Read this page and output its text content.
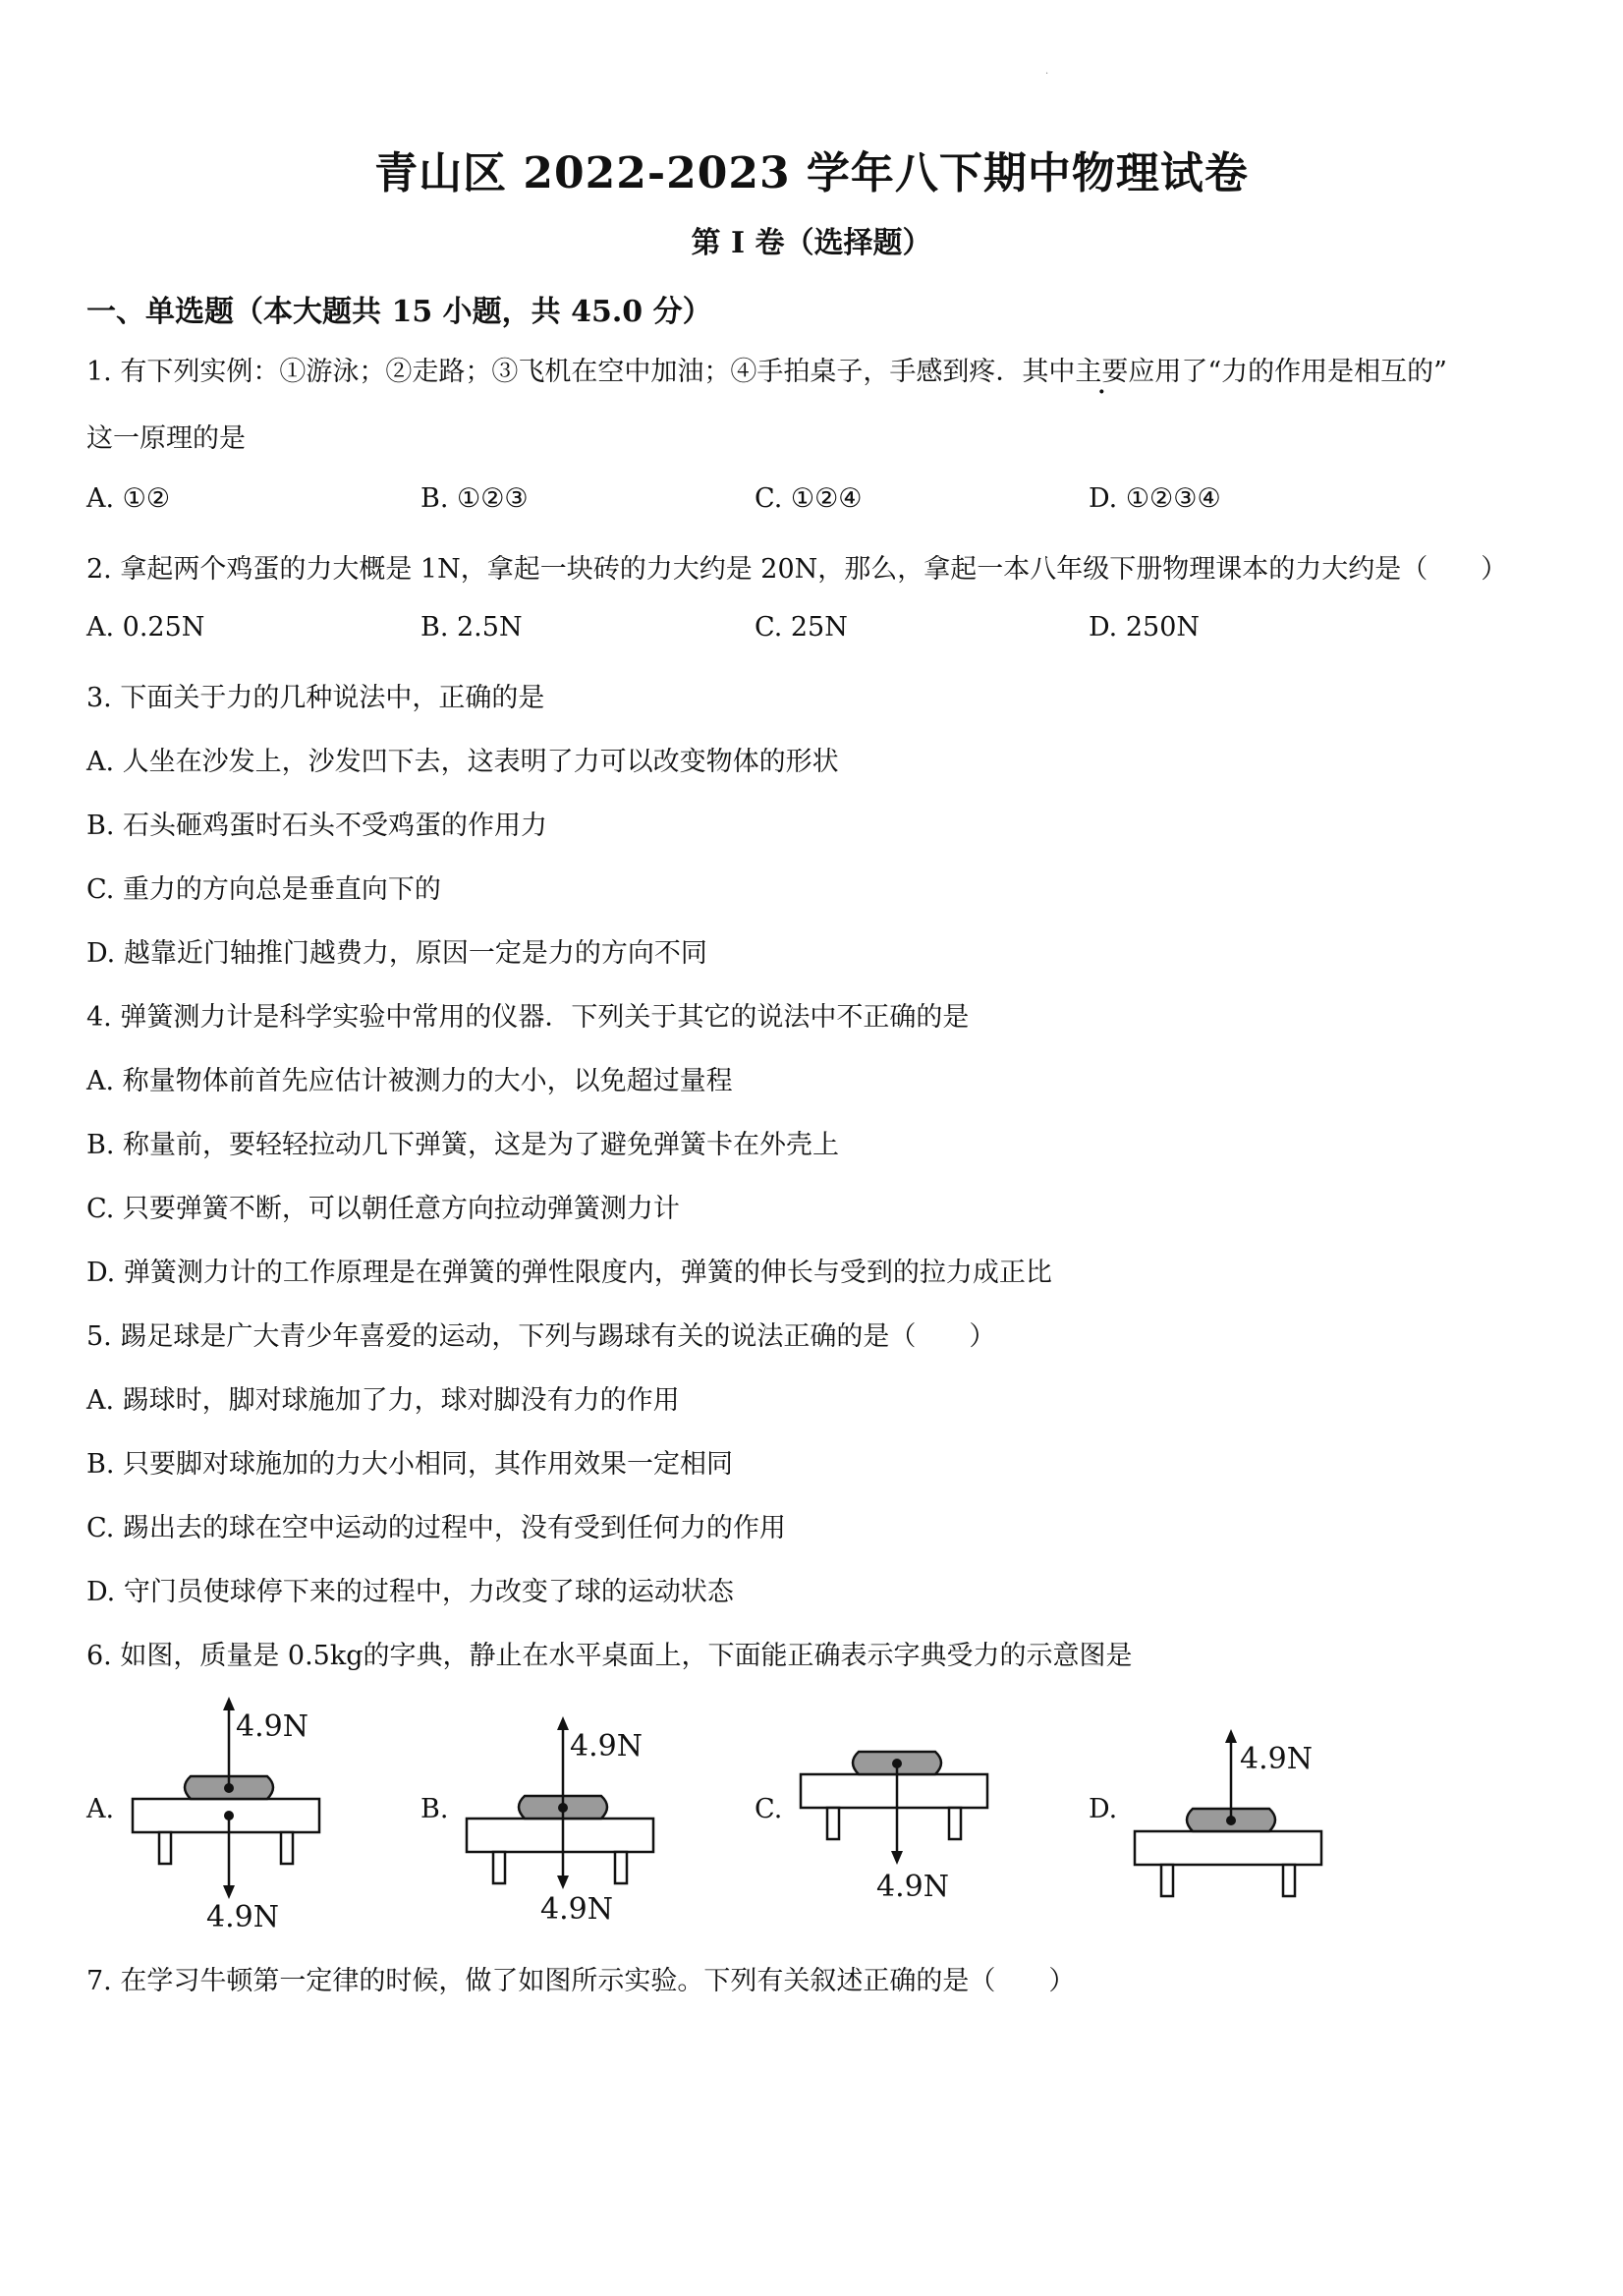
·
青山区 2022-2023 学年八下期中物理试卷
第 I 卷（选择题）
一、单选题（本大题共 15 小题，共 45.0 分）
1. 有下列实例：①游泳；②走路；③飞机在空中加油；④手拍桌子，手感到疼．其中主要应用了“力的作用是相互的”
这一原理的是
A. ①②	B. ①②③	C. ①②④	D. ①②③④
2. 拿起两个鸡蛋的力大概是 1N，拿起一块砖的力大约是 20N，那么，拿起一本八年级下册物理课本的力大约是（　　）
A. 0.25N	B. 2.5N	C. 25N	D. 250N
3. 下面关于力的几种说法中，正确的是
A. 人坐在沙发上，沙发凹下去，这表明了力可以改变物体的形状
B. 石头砸鸡蛋时石头不受鸡蛋的作用力
C. 重力的方向总是垂直向下的
D. 越靠近门轴推门越费力，原因一定是力的方向不同
4. 弹簧测力计是科学实验中常用的仪器．下列关于其它的说法中不正确的是
A. 称量物体前首先应估计被测力的大小，以免超过量程
B. 称量前，要轻轻拉动几下弹簧，这是为了避免弹簧卡在外壳上
C. 只要弹簧不断，可以朝任意方向拉动弹簧测力计
D. 弹簧测力计的工作原理是在弹簧的弹性限度内，弹簧的伸长与受到的拉力成正比
5. 踢足球是广大青少年喜爱的运动，下列与踢球有关的说法正确的是（　　）
A. 踢球时，脚对球施加了力，球对脚没有力的作用
B. 只要脚对球施加的力大小相同，其作用效果一定相同
C. 踢出去的球在空中运动的过程中，没有受到任何力的作用
D. 守门员使球停下来的过程中，力改变了球的运动状态
6. 如图，质量是 0.5kg的字典，静止在水平桌面上，下面能正确表示字典受力的示意图是
A.
4.9N
4.9N
B.
4.9N
4.9N
C.
4.9N
D.
4.9N
7. 在学习牛顿第一定律的时候，做了如图所示实验。下列有关叙述正确的是（　　）
